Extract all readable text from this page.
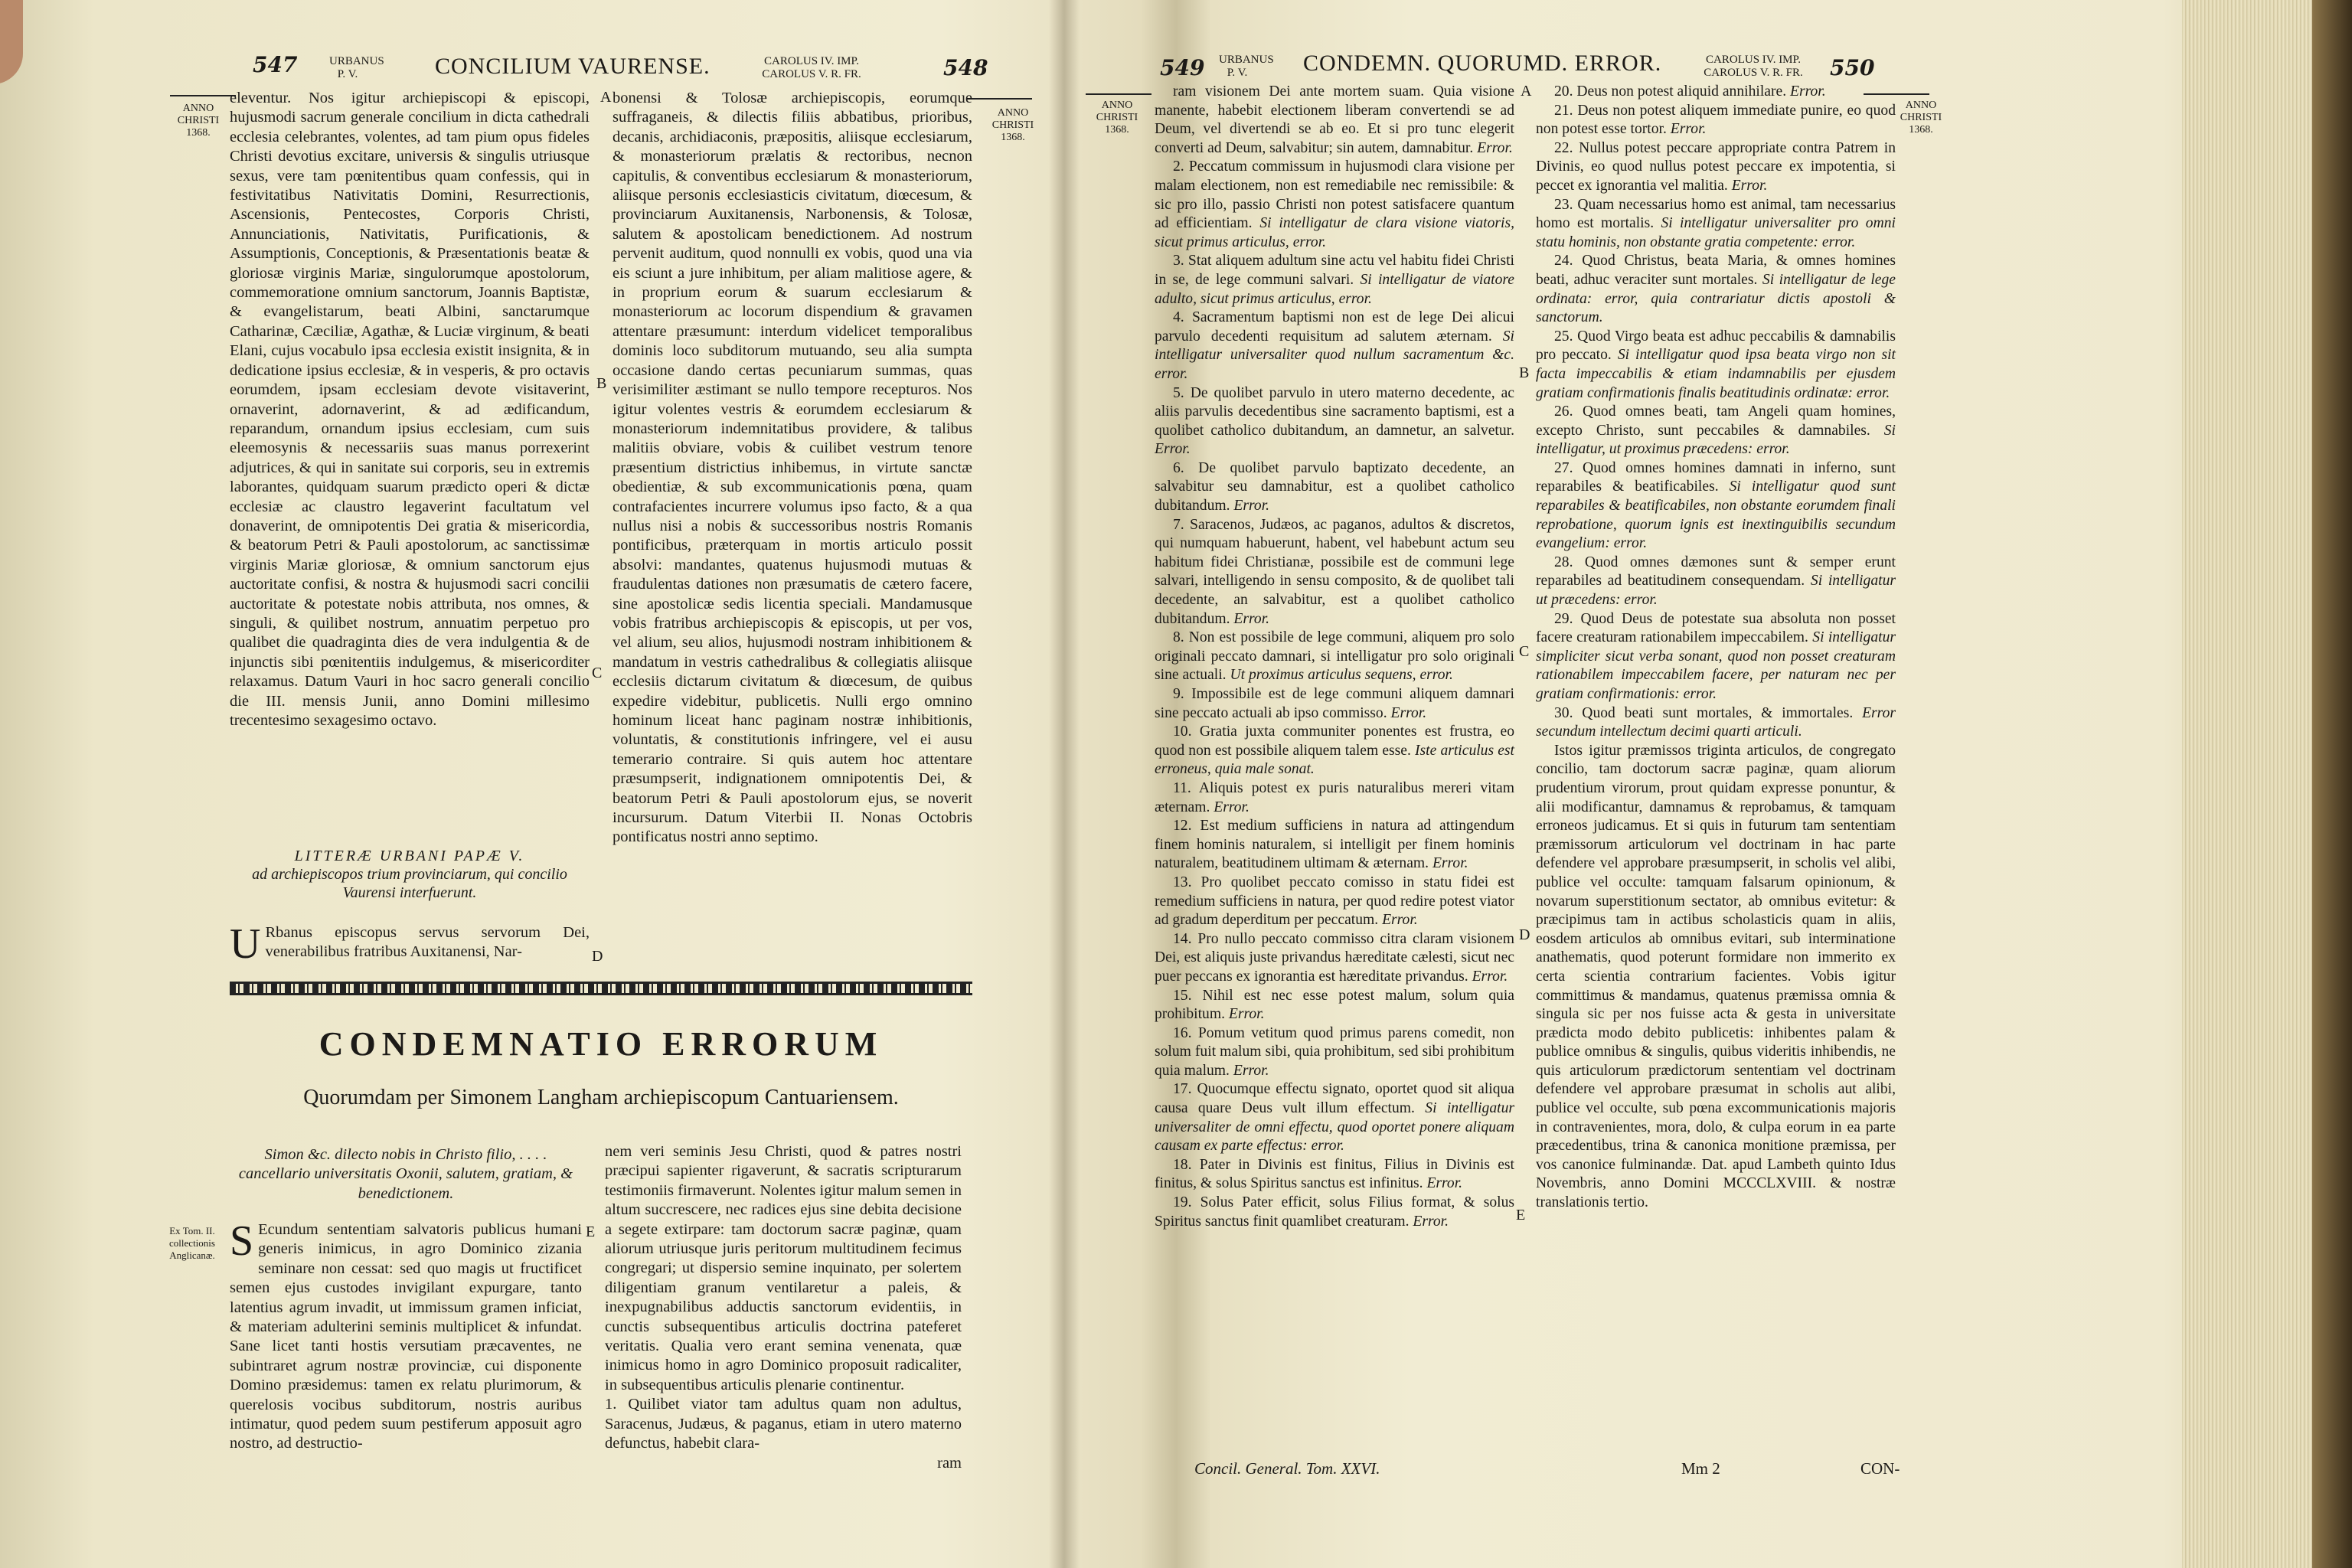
547	URBANUS P. V.	CONCILIUM VAURENSE.	CAROLUS IV. IMP. CAROLUS V. R. FR.	548
ANNO CHRISTI 1368.
ANNO CHRISTI 1368.

eleventur. Nos igitur archiepiscopi & episcopi, hujusmodi sacrum generale concilium in dicta cathedrali ecclesia celebrantes, volentes, ad tam pium opus fideles Christi devotius excitare, universis & singulis utriusque sexus, vere tam pœnitentibus quam confessis, qui in festivitatibus Nativitatis Domini, Resurrectionis, Ascensionis, Pentecostes, Corporis Christi, Annunciationis, Nativitatis, Purificationis, & Assumptionis, Conceptionis, & Præsentationis beatæ & gloriosæ virginis Mariæ, singulorumque apostolorum, commemoratione omnium sanctorum, Joannis Baptistæ, & evangelistarum, beati Albini, sanctarumque Catharinæ, Cæciliæ, Agathæ, & Luciæ virginum, & beati Elani, cujus vocabulo ipsa ecclesia existit insignita, & in dedicatione ipsius ecclesiæ, & in vesperis, & pro octavis eorumdem, ipsam ecclesiam devote visitaverint, ornaverint, adornaverint, & ad ædificandum, reparandum, ornandum ipsius ecclesiam, cum suis eleemosynis & necessariis suas manus porrexerint adjutrices, & qui in sanitate sui corporis, seu in extremis laborantes, quidquam suarum prædicto operi & dictæ ecclesiæ ac claustro legaverint facultatum vel donaverint, de omnipotentis Dei gratia & misericordia, & beatorum Petri & Pauli apostolorum, ac sanctissimæ virginis Mariæ gloriosæ, & omnium sanctorum ejus auctoritate confisi, & nostra & hujusmodi sacri concilii auctoritate & potestate nobis attributa, nos omnes, & singuli, & quilibet nostrum, annuatim perpetuo pro qualibet die quadraginta dies de vera indulgentia & de injunctis sibi pœnitentiis indulgemus, & misericorditer relaxamus. Datum Vauri in hoc sacro generali concilio die III. mensis Junii, anno Domini millesimo trecentesimo sexagesimo octavo.

LITTERÆ URBANI PAPÆ V.
ad archiepiscopos trium provinciarum, qui concilio Vaurensi interfuerunt.
U Rbanus episcopus servus servorum Dei, venerabilibus fratribus Auxitanensi, Nar-

bonensi & Tolosæ archiepiscopis, eorumque suffraganeis, & dilectis filiis abbatibus, prioribus, decanis, archidiaconis, præpositis, aliisque ecclesiarum, & monasteriorum prælatis & rectoribus, necnon capitulis, & conventibus ecclesiarum & monasteriorum, aliisque personis ecclesiasticis civitatum, diœcesum, & provinciarum Auxitanensis, Narbonensis, & Tolosæ, salutem & apostolicam benedictionem. Ad nostrum pervenit auditum, quod nonnulli ex vobis, quod una via eis sciunt a jure inhibitum, per aliam malitiose agere, & in proprium eorum & suarum ecclesiarum & monasteriorum ac locorum dispendium & gravamen attentare præsumunt: interdum videlicet temporalibus dominis loco subditorum mutuando, seu alia sumpta occasione dando certas pecuniarum summas, quas verisimiliter æstimant se nullo tempore recepturos. Nos igitur volentes vestris & eorumdem ecclesiarum & monasteriorum indemnitatibus providere, & talibus malitiis obviare, vobis & cuilibet vestrum tenore præsentium districtius inhibemus, in virtute sanctæ obedientiæ, & sub excommunicationis pœna, quam contrafacientes incurrere volumus ipso facto, & a qua nullus nisi a nobis & successoribus nostris Romanis pontificibus, præterquam in mortis articulo possit absolvi: mandantes, quatenus hujusmodi mutuas & fraudulentas dationes non præsumatis de cætero facere, sine apostolicæ sedis licentia speciali. Mandamusque vobis fratribus archiepiscopis & episcopis, ut per vos, vel alium, seu alios, hujusmodi nostram inhibitionem & mandatum in vestris cathedralibus & collegiatis aliisque ecclesiis dictarum civitatum & diœcesum, de quibus expedire videbitur, publicetis. Nulli ergo omnino hominum liceat hanc paginam nostræ inhibitionis, voluntatis, & constitutionis infringere, vel ei ausu temerario contraire. Si quis autem hoc attentare præsumpserit, indignationem omnipotentis Dei, & beatorum Petri & Pauli apostolorum ejus, se noverit incursurum. Datum Viterbii II. Nonas Octobris pontificatus nostri anno septimo.

A
B
C
D
E
CONDEMNATIO ERRORUM
Quorumdam per Simonem Langham archiepiscopum Cantuariensem.

Simon &c. dilecto nobis in Christo filio, . . . . cancellario universitatis Oxonii, salutem, gratiam, & benedictionem.

Ex Tom. II. collectionis Anglicanæ. S Ecundum sententiam salvatoris publicus humani generis inimicus, in agro Dominico zizania seminare non cessat: sed quo magis ut fructificet semen ejus custodes invigilant expurgare, tanto latentius agrum invadit, ut immissum gramen inficiat, & materiam adulterini seminis multiplicet & infundat. Sane licet tanti hostis versutiam præcaventes, ne subintraret agrum nostræ provinciæ, cui disponente Domino præsidemus: tamen ex relatu plurimorum, & querelosis vocibus subditorum, nostris auribus intimatur, quod pedem suum pestiferum apposuit agro nostro, ad destructio-

nem veri seminis Jesu Christi, quod & patres nostri præcipui sapienter rigaverunt, & sacratis scripturarum testimoniis firmaverunt. Nolentes igitur malum semen in altum succrescere, nec radices ejus sine debita decisione a segete extirpare: tam doctorum sacræ paginæ, quam aliorum utriusque juris peritorum multitudinem fecimus congregari; ut dispersio semine inquinato, per solertem diligentiam granum ventilaretur a paleis, & inexpugnabilibus adductis sanctorum evidentiis, in cunctis subsequentibus articulis doctrina pateferet veritatis. Qualia vero erant semina venenata, quæ inimicus homo in agro Dominico proposuit radicaliter, in subsequentibus articulis plenarie continentur.

1. Quilibet viator tam adultus quam non adultus, Saracenus, Judæus, & paganus, etiam in utero materno defunctus, habebit clara-

ram

549 URBANUS P. V.	CONDEMN. QUORUMD. ERROR.	CAROLUS IV. IMP. CAROLUS V. R. FR.	550
ANNO CHRISTI 1368.
ANNO CHRISTI 1368.

ram visionem Dei ante mortem suam. Quia visione manente, habebit electionem liberam convertendi se ad Deum, vel divertendi se ab eo. Et si pro tunc elegerit converti ad Deum, salvabitur; sin autem, damnabitur. Error.

2. Peccatum commissum in hujusmodi clara visione per malam electionem, non est remediabile nec remissibile: & sic pro illo, passio Christi non potest satisfacere quantum ad efficientiam. Si intelligatur de clara visione viatoris, sicut primus articulus, error.

3. Stat aliquem adultum sine actu vel habitu fidei Christi in se, de lege communi salvari. Si intelligatur de viatore adulto, sicut primus articulus, error.

4. Sacramentum baptismi non est de lege Dei alicui parvulo decedenti requisitum ad salutem æternam. Si intelligatur universaliter quod nullum sacramentum &c. error.

5. De quolibet parvulo in utero materno decedente, ac aliis parvulis decedentibus sine sacramento baptismi, est a quolibet catholico dubitandum, an damnetur, an salvetur. Error.

6. De quolibet parvulo baptizato decedente, an salvabitur seu damnabitur, est a quolibet catholico dubitandum. Error.

7. Saracenos, Judæos, ac paganos, adultos & discretos, qui numquam habuerunt, habent, vel habebunt actum seu habitum fidei Christianæ, possibile est de communi lege salvari, intelligendo in sensu composito, & de quolibet tali decedente, an salvabitur, est a quolibet catholico dubitandum. Error.

8. Non est possibile de lege communi, aliquem pro solo originali peccato damnari, si intelligatur pro solo originali sine actuali. Ut proximus articulus sequens, error.

9. Impossibile est de lege communi aliquem damnari sine peccato actuali ab ipso commisso. Error.

10. Gratia juxta communiter ponentes est frustra, eo quod non est possibile aliquem talem esse. Iste articulus est erroneus, quia male sonat.

11. Aliquis potest ex puris naturalibus mereri vitam æternam. Error.

12. Est medium sufficiens in natura ad attingendum finem hominis naturalem, si intelligit per finem hominis naturalem, beatitudinem ultimam & æternam. Error.

13. Pro quolibet peccato comisso in statu fidei est remedium sufficiens in natura, per quod redire potest viator ad gradum deperditum per peccatum. Error.

14. Pro nullo peccato commisso citra claram visionem Dei, est aliquis juste privandus hæreditate cælesti, sicut nec puer peccans ex ignorantia est hæreditate privandus. Error.

15. Nihil est nec esse potest malum, solum quia prohibitum. Error.

16. Pomum vetitum quod primus parens comedit, non solum fuit malum sibi, quia prohibitum, sed sibi prohibitum quia malum. Error.

17. Quocumque effectu signato, oportet quod sit aliqua causa quare Deus vult illum effectum. Si intelligatur universaliter de omni effectu, quod oportet ponere aliquam causam ex parte effectus: error.

18. Pater in Divinis est finitus, Filius in Divinis est finitus, & solus Spiritus sanctus est infinitus. Error.

19. Solus Pater efficit, solus Filius format, & solus Spiritus sanctus finit quamlibet creaturam. Error.

20. Deus non potest aliquid annihilare. Error.

21. Deus non potest aliquem immediate punire, eo quod non potest esse tortor. Error.

22. Nullus potest peccare appropriate contra Patrem in Divinis, eo quod nullus potest peccare ex impotentia, si peccet ex ignorantia vel malitia. Error.

23. Quam necessarius homo est animal, tam necessarius homo est mortalis. Si intelligatur universaliter pro omni statu hominis, non obstante gratia competente: error.

24. Quod Christus, beata Maria, & omnes homines beati, adhuc veraciter sunt mortales. Si intelligatur de lege ordinata: error, quia contrariatur dictis apostoli & sanctorum.

25. Quod Virgo beata est adhuc peccabilis & damnabilis pro peccato. Si intelligatur quod ipsa beata virgo non sit facta impeccabilis & etiam indamnabilis per ejusdem gratiam confirmationis finalis beatitudinis ordinatæ: error.

26. Quod omnes beati, tam Angeli quam homines, excepto Christo, sunt peccabiles & damnabiles. Si intelligatur, ut proximus præcedens: error.

27. Quod omnes homines damnati in inferno, sunt reparabiles & beatificabiles. Si intelligatur quod sunt reparabiles & beatificabiles, non obstante eorumdem finali reprobatione, quorum ignis est inextinguibilis secundum evangelium: error.

28. Quod omnes dæmones sunt & semper erunt reparabiles ad beatitudinem consequendam. Si intelligatur ut præcedens: error.

29. Quod Deus de potestate sua absoluta non posset facere creaturam rationabilem impeccabilem. Si intelligatur simpliciter sicut verba sonant, quod non posset creaturam rationabilem impeccabilem facere, per naturam nec per gratiam confirmationis: error.

30. Quod beati sunt mortales, & immortales. Error secundum intellectum decimi quarti articuli.

Istos igitur præmissos triginta articulos, de congregato concilio, tam doctorum sacræ paginæ, quam aliorum prudentium virorum, prout quidam expresse ponuntur, & alii modificantur, damnamus & reprobamus, & tamquam erroneos judicamus. Et si quis in futurum tam sententiam præmissorum articulorum vel doctrinam in hac parte defendere vel approbare præsumpserit, in scholis vel alibi, publice vel occulte: tamquam falsarum opinionum, & novarum superstitionum sectator, ab omnibus evitetur: & præcipimus tam in actibus scholasticis quam in aliis, eosdem articulos ab omnibus evitari, sub interminatione anathematis, quod poterunt formidare non immerito ex certa scientia contrarium facientes. Vobis igitur committimus & mandamus, quatenus præmissa omnia & singula sic per nos fuisse acta & gesta in universitate prædicta modo debito publicetis: inhibentes palam & publice omnibus & singulis, quibus videritis inhibendis, ne quis articulorum prædictorum sententiam vel doctrinam defendere vel approbare præsumat in scholis aut alibi, publice vel occulte, sub pœna excommunicationis majoris in contravenientes, mora, dolo, & culpa eorum in ea parte præcedentibus, trina & canonica monitione præmissa, per vos canonice fulminandæ. Dat. apud Lambeth quinto Idus Novembris, anno Domini MCCCLXVIII. & nostræ translationis tertio.

A
B
C
D
E
Concil. General. Tom. XXVI.	Mm 2	CON-
